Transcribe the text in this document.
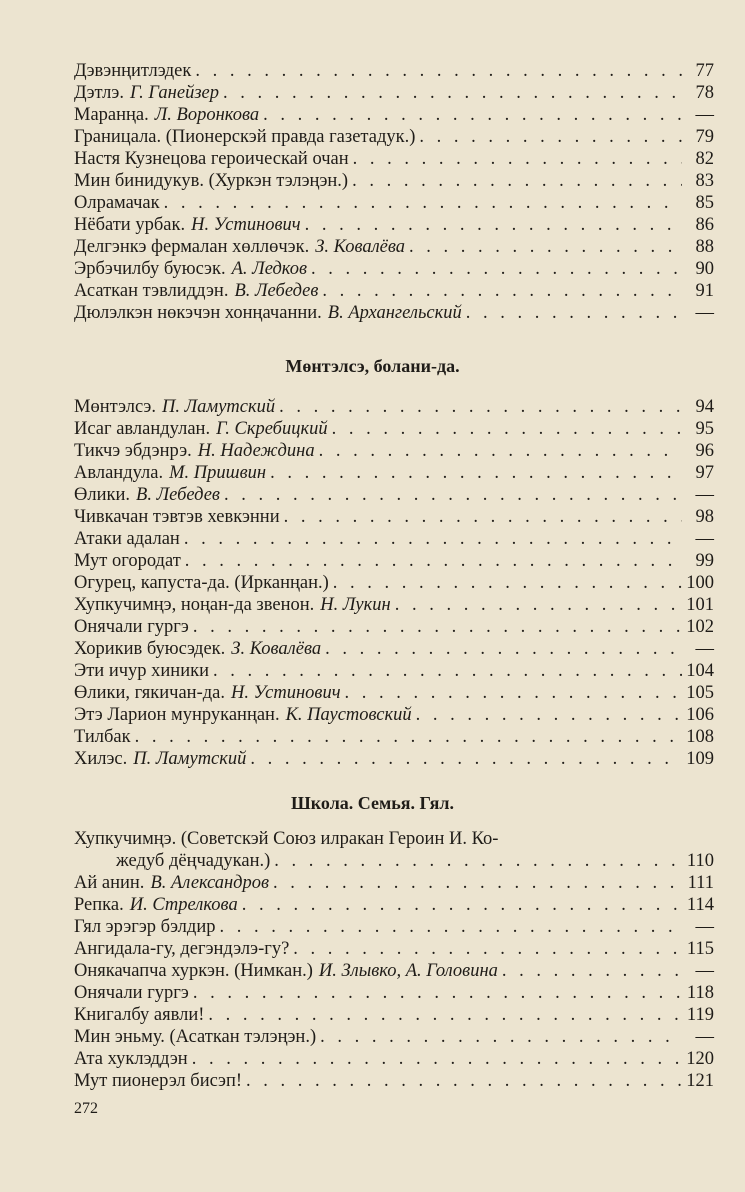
Дэвэнңитлэдек . . .	77
Дэтлэ. Г. Ганейзер . . .	78
Маранңа. Л. Воронкова . . .	—
Границала. (Пионерскэй правда газетадук.) . . .	79
Настя Кузнецова героическай очан . . .	82
Мин бинидукув. (Хуркэн тэлэңэн.) . . .	83
Олрамачак . . .	85
Нёбати урбак. Н. Устинович . . .	86
Делгэнкэ фермалан хөллөчэк. З. Ковалёва . . .	88
Эрбэчилбу буюсэк. А. Ледков . . .	90
Асаткан тэвлиддэн. В. Лебедев . . .	91
Дюлэлкэн нөкэчэн хонңачанни. В. Архангельский . . .	—
Мөнтэлсэ, болани-да.
Мөнтэлсэ. П. Ламутский . . .	94
Исаг авландулан. Г. Скребицкий . . .	95
Тикчэ эбдэнрэ. Н. Надеждина . . .	96
Авландула. М. Пришвин . . .	97
Өлики. В. Лебедев . . .	—
Чивкачан тэвтэв хевкэнни . . .	98
Атаки адалан . . .	—
Мут огородат . . .	99
Огурец, капуста-да. (Ирканңан.) . . .	100
Хупкучимңэ, ноңан-да звенон. Н. Лукин . . .	101
Онячали гургэ . . .	102
Хорикив буюсэдек. З. Ковалёва . . .	—
Эти ичур хиники . . .	104
Өлики, гякичан-да. Н. Устинович . . .	105
Этэ Ларион мунруканңан. К. Паустовский . . .	106
Тилбак . . .	108
Хилэс. П. Ламутский . . .	109
Школа. Семья. Гял.
Хупкучимңэ. (Советскэй Союз илракан Героин И. Ко-
жедуб дёңчадукан.) . . .	110
Ай анин. В. Александров . . .	111
Репка. И. Стрелкова . . .	114
Гял эрэгэр бэлдир . . .	—
Ангидала-гу, дегэндэлэ-гу? . . .	115
Онякачапча хуркэн. (Нимкан.) И. Злывко, А. Головина . . .	—
Онячали гургэ . . .	118
Книгалбу аявли! . . .	119
Мин эньму. (Асаткан тэлэңэн.) . . .	—
Ата хуклэддэн . . .	120
Мут пионерэл бисэп! . . .	121
272
